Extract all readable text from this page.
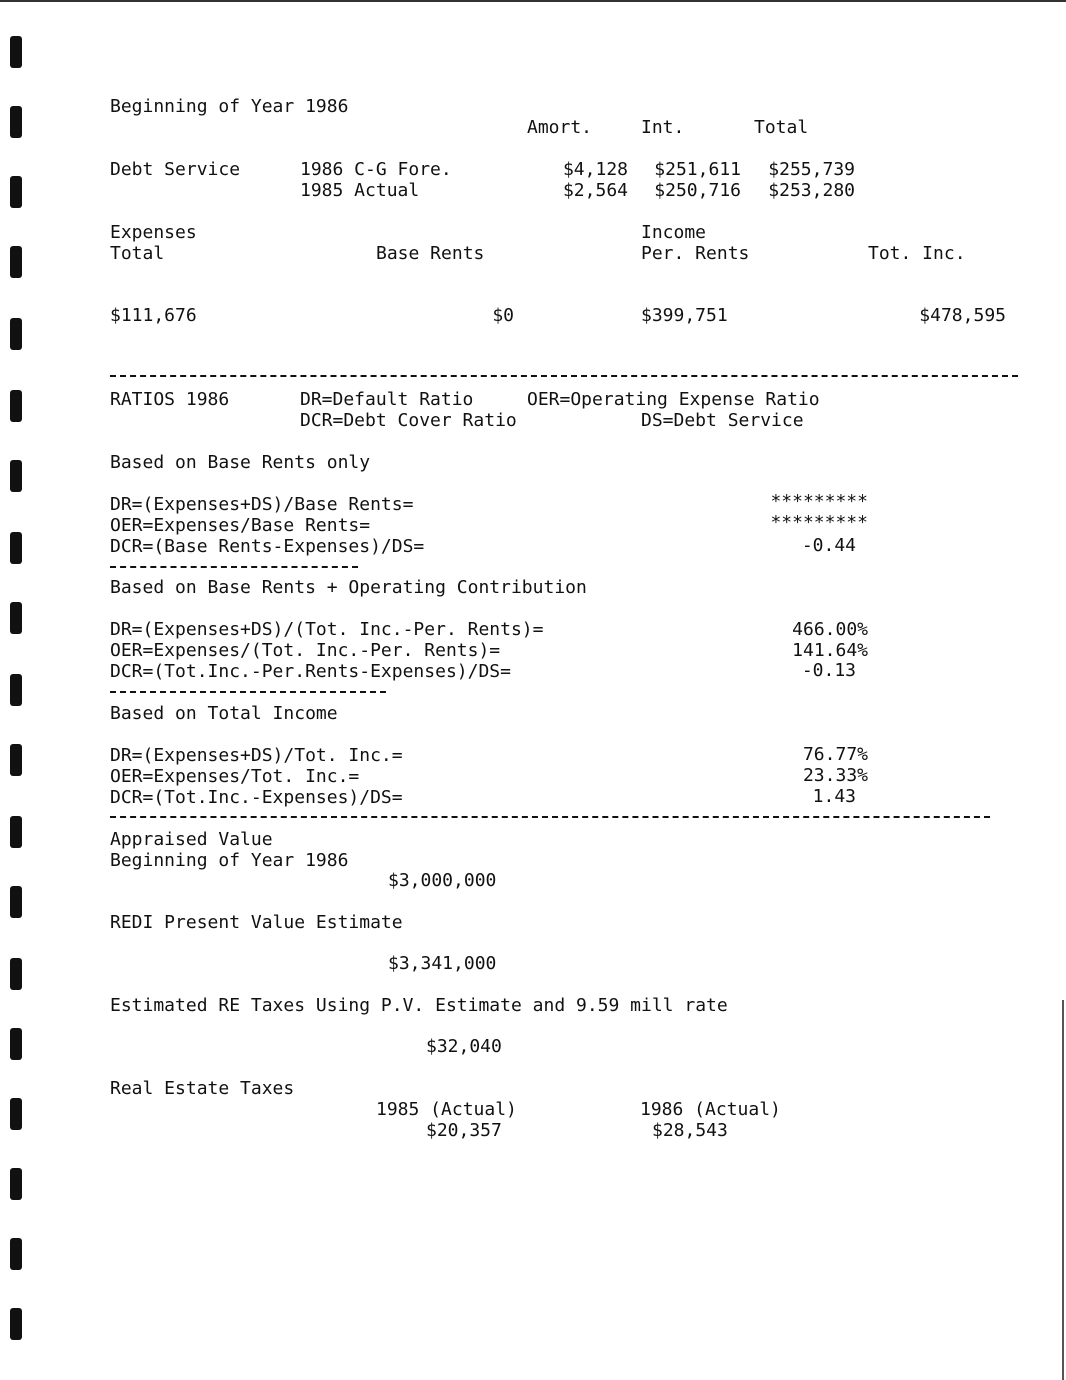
Beginning of Year 1986
Amort.	Int.	Total
Debt Service	1986 C-G Fore.	$4,128	$251,611	$255,739
1985 Actual	$2,564	$250,716	$253,280
Expenses
Total	Base Rents
Income
Per. Rents	Tot. Inc.
$111,676	$0	$399,751	$478,595
RATIOS 1986	DR=Default Ratio	OER=Operating Expense Ratio
DCR=Debt Cover Ratio	DS=Debt Service
Based on Base Rents only
DR=(Expenses+DS)/Base Rents=	*********
OER=Expenses/Base Rents=	*********
DCR=(Base Rents-Expenses)/DS=	-0.44
Based on Base Rents + Operating Contribution
DR=(Expenses+DS)/(Tot. Inc.-Per. Rents)=	466.00%
OER=Expenses/(Tot. Inc.-Per. Rents)=	141.64%
DCR=(Tot.Inc.-Per.Rents-Expenses)/DS=	-0.13
Based on Total Income
DR=(Expenses+DS)/Tot. Inc.=	76.77%
OER=Expenses/Tot. Inc.=	23.33%
DCR=(Tot.Inc.-Expenses)/DS=	1.43
Appraised Value
Beginning of Year 1986
$3,000,000
REDI Present Value Estimate
$3,341,000
Estimated RE Taxes Using P.V. Estimate and 9.59 mill rate
$32,040
Real Estate Taxes
1985 (Actual)
$20,357
1986 (Actual)
$28,543
